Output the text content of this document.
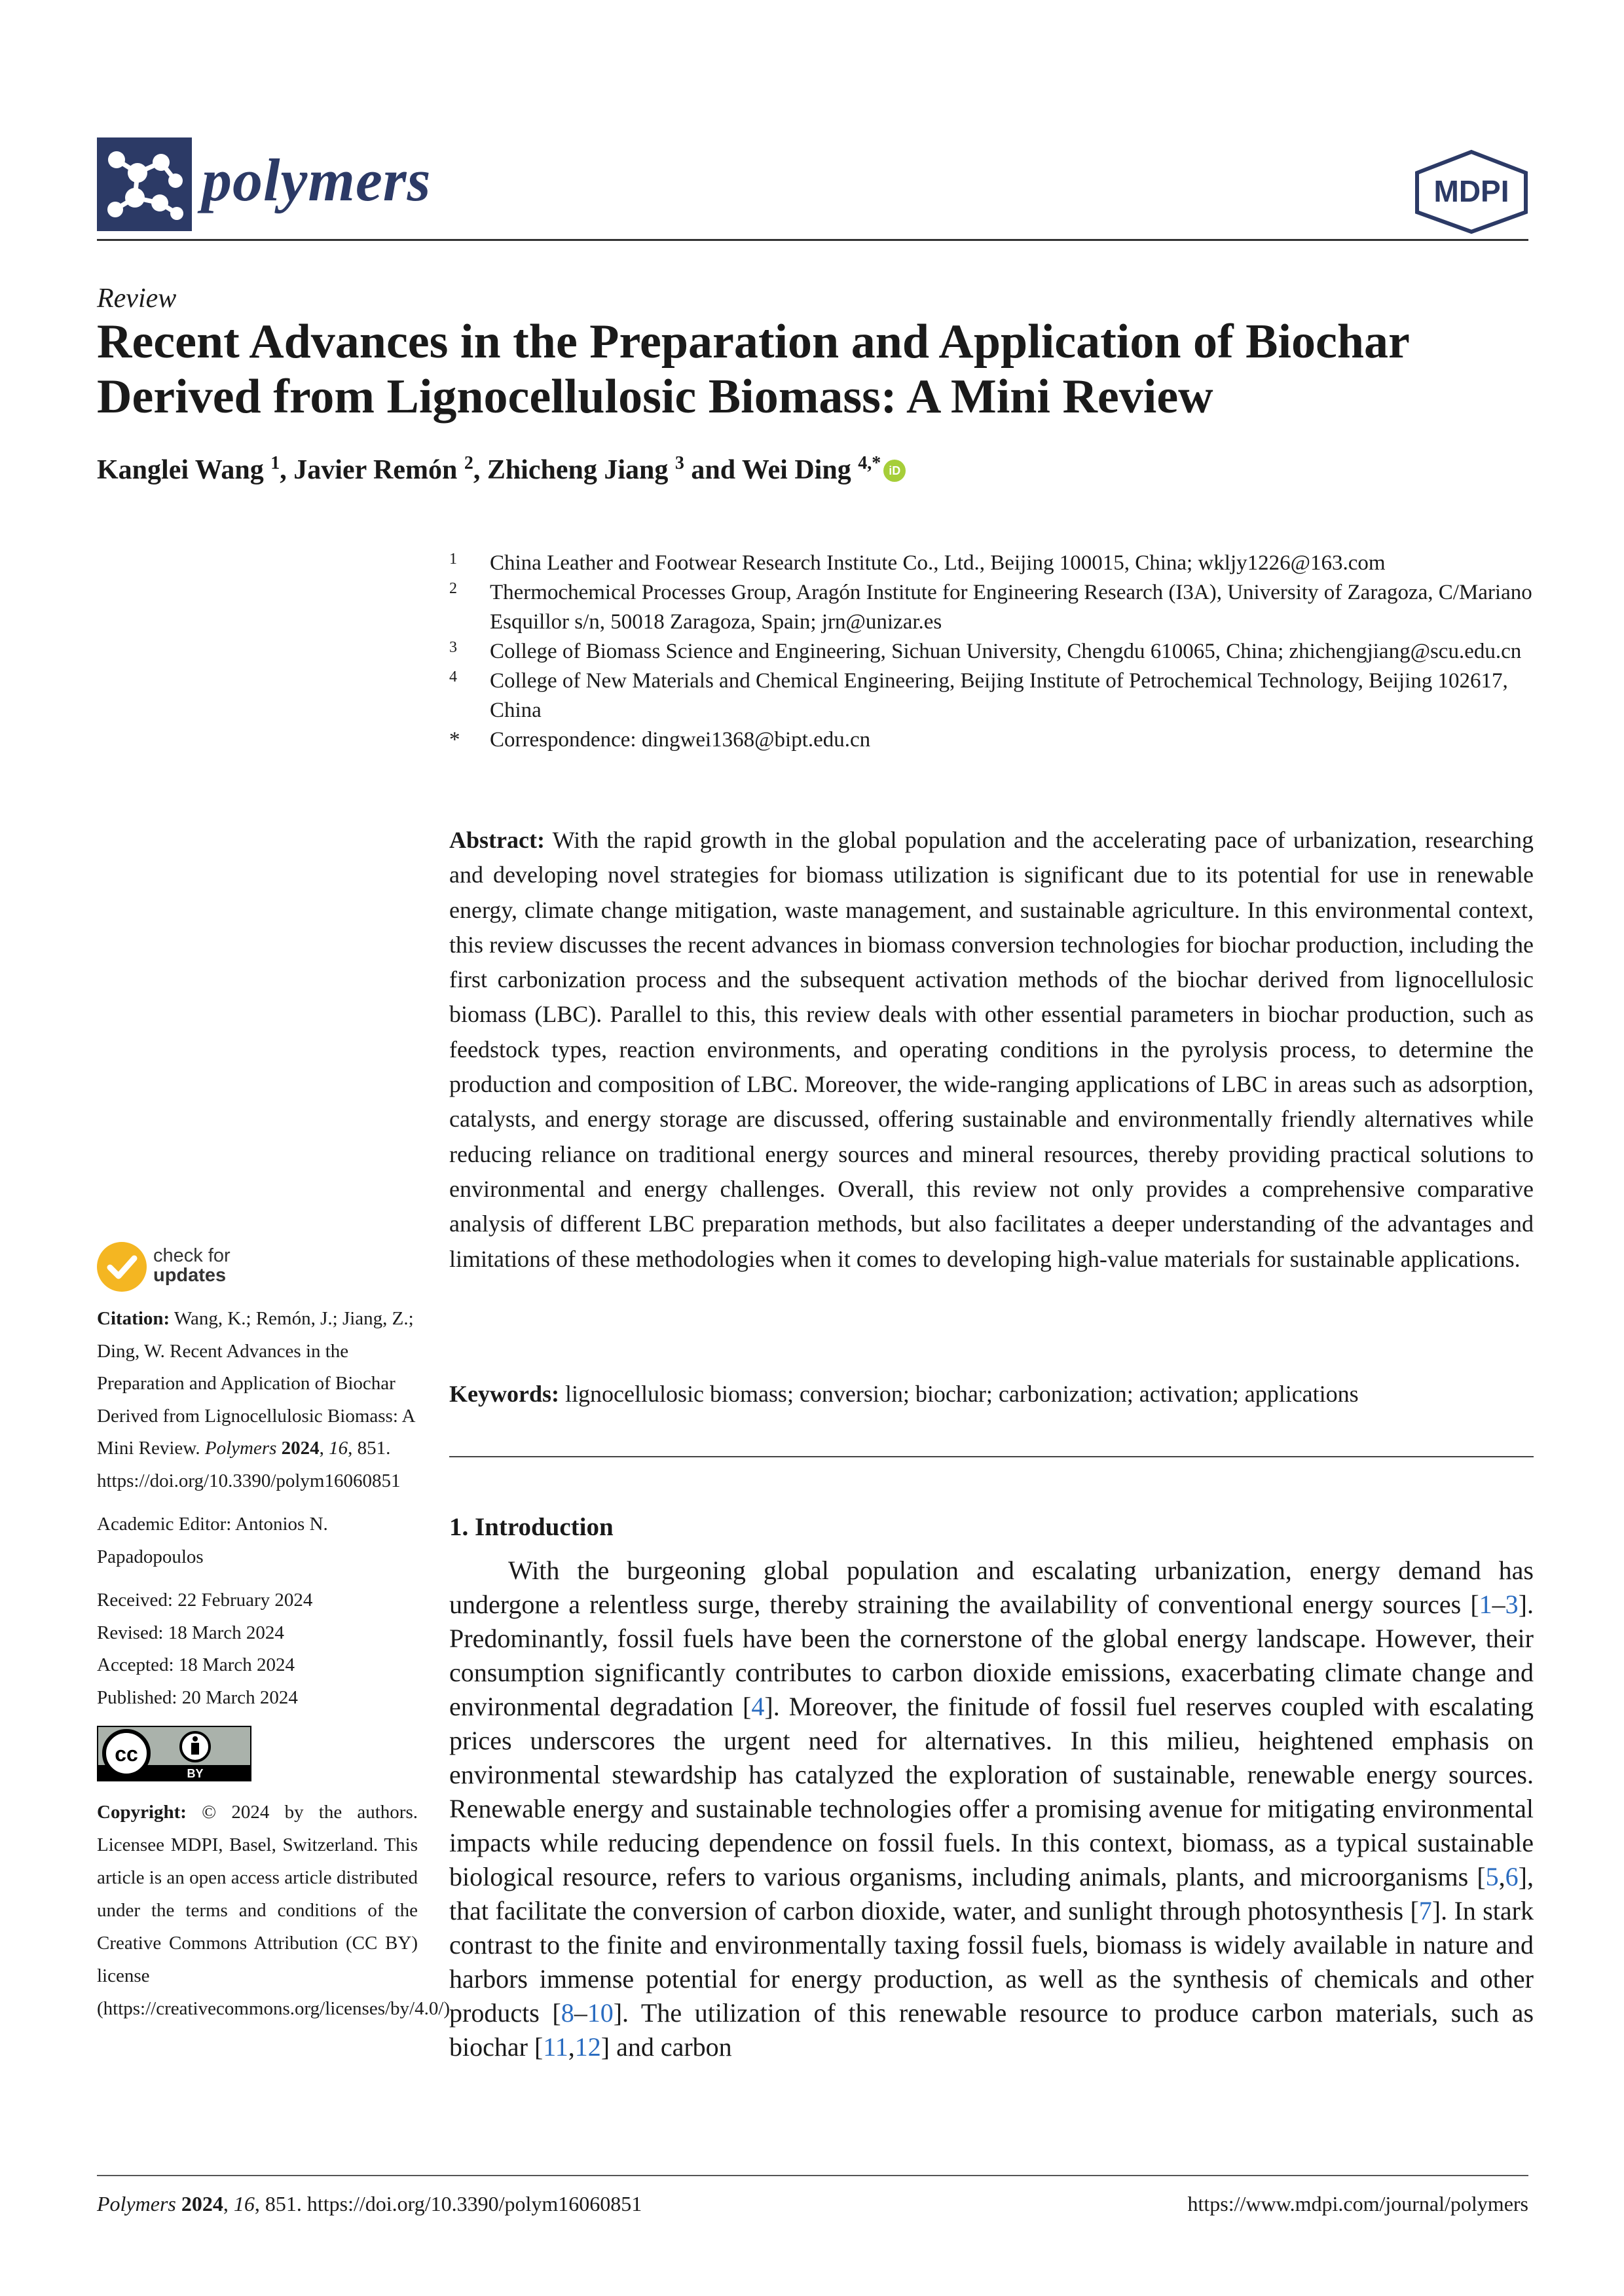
polymers	MDPI
Review
Recent Advances in the Preparation and Application of Biochar
Derived from Lignocellulosic Biomass: A Mini Review
Kanglei Wang $^1$, Javier Remón $^2$, Zhicheng Jiang $^3$ and Wei Ding $^{4,*}$ iD
1 China Leather and Footwear Research Institute Co., Ltd., Beijing 100015, China; wkljy1226@163.com
2 Thermochemical Processes Group, Aragón Institute for Engineering Research (I3A), University of Zaragoza, C/Mariano Esquillor s/n, 50018 Zaragoza, Spain; jrn@unizar.es
3 College of Biomass Science and Engineering, Sichuan University, Chengdu 610065, China; zhichengjiang@scu.edu.cn
4 College of New Materials and Chemical Engineering, Beijing Institute of Petrochemical Technology, Beijing 102617, China
* Correspondence: dingwei1368@bipt.edu.cn

Abstract: With the rapid growth in the global population and the accelerating pace of urbanization, researching and developing novel strategies for biomass utilization is significant due to its potential for use in renewable energy, climate change mitigation, waste management, and sustainable agriculture. In this environmental context, this review discusses the recent advances in biomass conversion technologies for biochar production, including the first carbonization process and the subsequent activation methods of the biochar derived from lignocellulosic biomass (LBC). Parallel to this, this review deals with other essential parameters in biochar production, such as feedstock types, reaction environments, and operating conditions in the pyrolysis process, to determine the production and composition of LBC. Moreover, the wide-ranging applications of LBC in areas such as adsorption, catalysts, and energy storage are discussed, offering sustainable and environmentally friendly alternatives while reducing reliance on traditional energy sources and mineral resources, thereby providing practical solutions to environmental and energy challenges. Overall, this review not only provides a comprehensive comparative analysis of different LBC preparation methods, but also facilitates a deeper understanding of the advantages and limitations of these methodologies when it comes to developing high-value materials for sustainable applications.

Keywords: lignocellulosic biomass; conversion; biochar; carbonization; activation; applications
1. Introduction

With the burgeoning global population and escalating urbanization, energy demand has undergone a relentless surge, thereby straining the availability of conventional energy sources [1–3]. Predominantly, fossil fuels have been the cornerstone of the global energy landscape. However, their consumption significantly contributes to carbon dioxide emissions, exacerbating climate change and environmental degradation [4]. Moreover, the finitude of fossil fuel reserves coupled with escalating prices underscores the urgent need for alternatives. In this milieu, heightened emphasis on environmental stewardship has catalyzed the exploration of sustainable, renewable energy sources. Renewable energy and sustainable technologies offer a promising avenue for mitigating environmental impacts while reducing dependence on fossil fuels. In this context, biomass, as a typical sustainable biological resource, refers to various organisms, including animals, plants, and microorganisms [5,6], that facilitate the conversion of carbon dioxide, water, and sunlight through photosynthesis [7]. In stark contrast to the finite and environmentally taxing fossil fuels, biomass is widely available in nature and harbors immense potential for energy production, as well as the synthesis of chemicals and other products [8–10]. The utilization of this renewable resource to produce carbon materials, such as biochar [11,12] and carbon

check for
updates

Citation: Wang, K.; Remón, J.; Jiang, Z.; Ding, W. Recent Advances in the Preparation and Application of Biochar Derived from Lignocellulosic Biomass: A Mini Review. Polymers 2024, 16, 851. https://doi.org/10.3390/polym16060851

Academic Editor: Antonios N. Papadopoulos

Received: 22 February 2024
Revised: 18 March 2024
Accepted: 18 March 2024
Published: 20 March 2024
cc
BY

Copyright: © 2024 by the authors. Licensee MDPI, Basel, Switzerland. This article is an open access article distributed under the terms and conditions of the Creative Commons Attribution (CC BY) license (https://creativecommons.org/licenses/by/4.0/).

Polymers 2024, 16, 851. https://doi.org/10.3390/polym16060851	https://www.mdpi.com/journal/polymers
